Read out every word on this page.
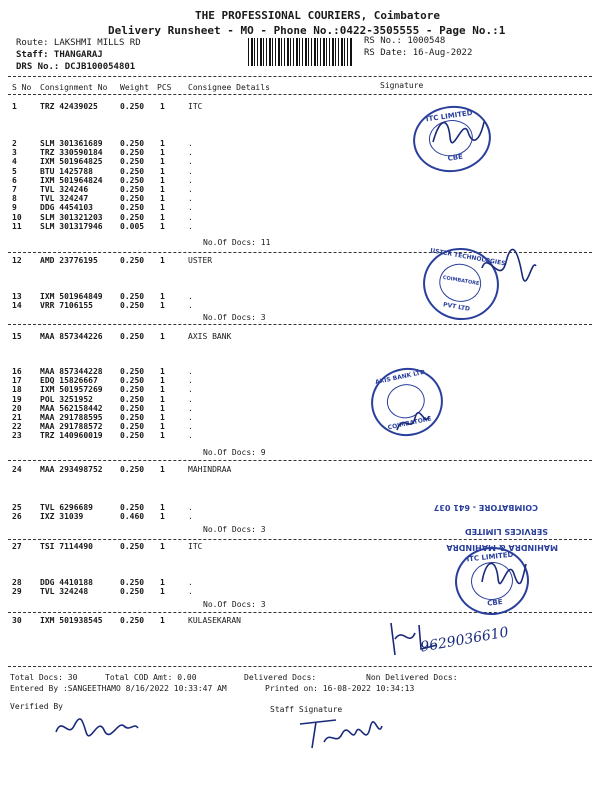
THE PROFESSIONAL COURIERS, Coimbatore
Delivery Runsheet - MO - Phone No.:0422-3505555 - Page No.:1
Route: LAKSHMI MILLS RD
Staff: THANGARAJ
DRS No.: DCJB100054801
RS No.: 1000548
RS Date: 16-Aug-2022
S No Consignment No Weight PCS Consignee Details	Signature
1	TRZ 42439025	0.250 1	ITC
2	SLM 301361689 0.250 1	.
3	TRZ 330590184 0.250 1	.
4	IXM 501964825 0.250 1	.
5	BTU 1425788	0.250 1	.
6	IXM 501964824 0.250 1	.
7	TVL 324246	0.250 1	.
8	TVL 324247	0.250 1	.
9	DDG 4454103	0.250 1	.
10 SLM 301321203 0.250 1	.
11 SLM 301317946 0.005 1	.
No.Of Docs: 11
12 AMD 23776195	0.250 1	USTER
13 IXM 501964849 0.250 1	.
14 VRR 7106155	0.250 1	.
No.Of Docs: 3
15 MAA 857344226 0.250 1	AXIS BANK
16 MAA 857344228 0.250 1	.
17 EDQ 15826667	0.250 1	.
18 IXM 501957269 0.250 1	.
19 POL 3251952	0.250 1	.
20 MAA 562158442 0.250 1	.
21 MAA 291788595 0.250 1	.
22 MAA 291788572 0.250 1	.
23 TRZ 140960019 0.250 1	.
No.Of Docs: 9
24 MAA 293498752 0.250 1	MAHINDRAA
25 TVL 6296689	0.250 1	.
26 IXZ 31039	0.460 1	.
No.Of Docs: 3
27 TSI 7114490	0.250 1	ITC
28 DDG 4410188	0.250 1	.
29 TVL 324248	0.250 1	.
No.Of Docs: 3
30 IXM 501938545 0.250 1	KULASEKARAN
Total Docs: 30	Total COD Amt: 0.00	Delivered Docs:	Non Delivered Docs:
Entered By :SANGEETHAMO 8/16/2022 10:33:47 AM	Printed on: 16-08-2022 10:34:13
Verified By	Staff Signature
ITC LIMITED
CBE
USTER TECHNOLOGIES
COIMBATORE
PVT LTD
AXIS BANK LTD
COIMBATORE
MAHINDRA & MAHINDRA
SERVICES LIMITED
COIMBATORE - 641 037
ITC LIMITED
CBE
9629036610
